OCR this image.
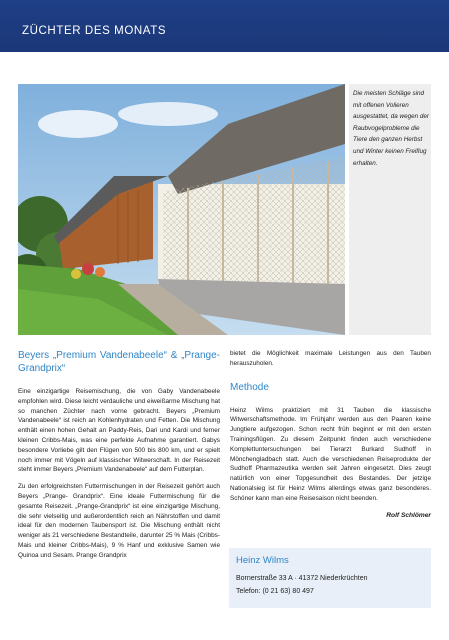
ZÜCHTER DES MONATS
Die meisten Schläge sind mit offenen Volieren ausgestattet, da wegen der Raubvogelprobleme die Tiere den ganzen Herbst und Winter keinen Freiflug erhalten.
Beyers „Premium Vandenabeele“ & „Prange-Grandprix“

Eine einzigartige Reisemischung, die von Gaby Vandenabeele empfohlen wird. Diese leicht verdauliche und eiweißarme Mischung hat so manchen Züchter nach vorne gebracht. Beyers „Premium Vandenabeele“ ist reich an Kohlenhydraten und Fetten. Die Mischung enthält einen hohen Gehalt an Paddy-Reis, Dari und Kardi und ferner kleinen Cribbs-Mais, was eine perfekte Aufnahme garantiert. Gabys besondere Vorliebe gilt den Flügen von 500 bis 800 km, und er spielt noch immer mit Vögeln auf klassischer Witwerschaft. In der Reisezeit steht immer Beyers „Premium Vandenabeele“ auf dem Futterplan.

Zu den erfolgreichsten Futtermischungen in der Reisezeit gehört auch Beyers „Prange- Grandprix“. Eine ideale Futtermischung für die gesamte Reisezeit. „Prange-Grandprix“ ist eine einzigartige Mischung, die sehr vielseitig und außerordentlich reich an Nährstoffen und damit ideal für den modernen Taubensport ist. Die Mischung enthält nicht weniger als 21 verschiedene Bestandteile, darunter 25 % Mais (Cribbs-Mais und kleiner Cribbs-Mais), 9 % Hanf und exklusive Samen wie Quinoa und Sesam. Prange Grandprix

bietet die Möglichkeit maximale Leistungen aus den Tauben herauszuholen.

Methode

Heinz Wilms praktiziert mit 31 Tauben die klassische Witwerschaftsmethode. Im Frühjahr werden aus den Paaren keine Jungtiere aufgezogen. Schon recht früh beginnt er mit den ersten Trainingsflügen. Zu diesem Zeitpunkt finden auch verschiedene Komplettuntersuchungen bei Tierarzt Burkard Sudhoff in Mönchengladbach statt. Auch die verschiedenen Reiseprodukte der Sudhoff Pharmazeutika werden seit Jahren eingesetzt. Dies zeugt natürlich von einer Topgesundheit des Bestandes. Der jetzige Nationalsieg ist für Heinz Wilms allerdings etwas ganz besonderes. Schöner kann man eine Reisesaison nicht beenden.

Rolf Schlömer
Heinz Wilms
Bornerstraße 33 A · 41372 Niederkrüchten
Telefon: (0 21 63) 80 497
